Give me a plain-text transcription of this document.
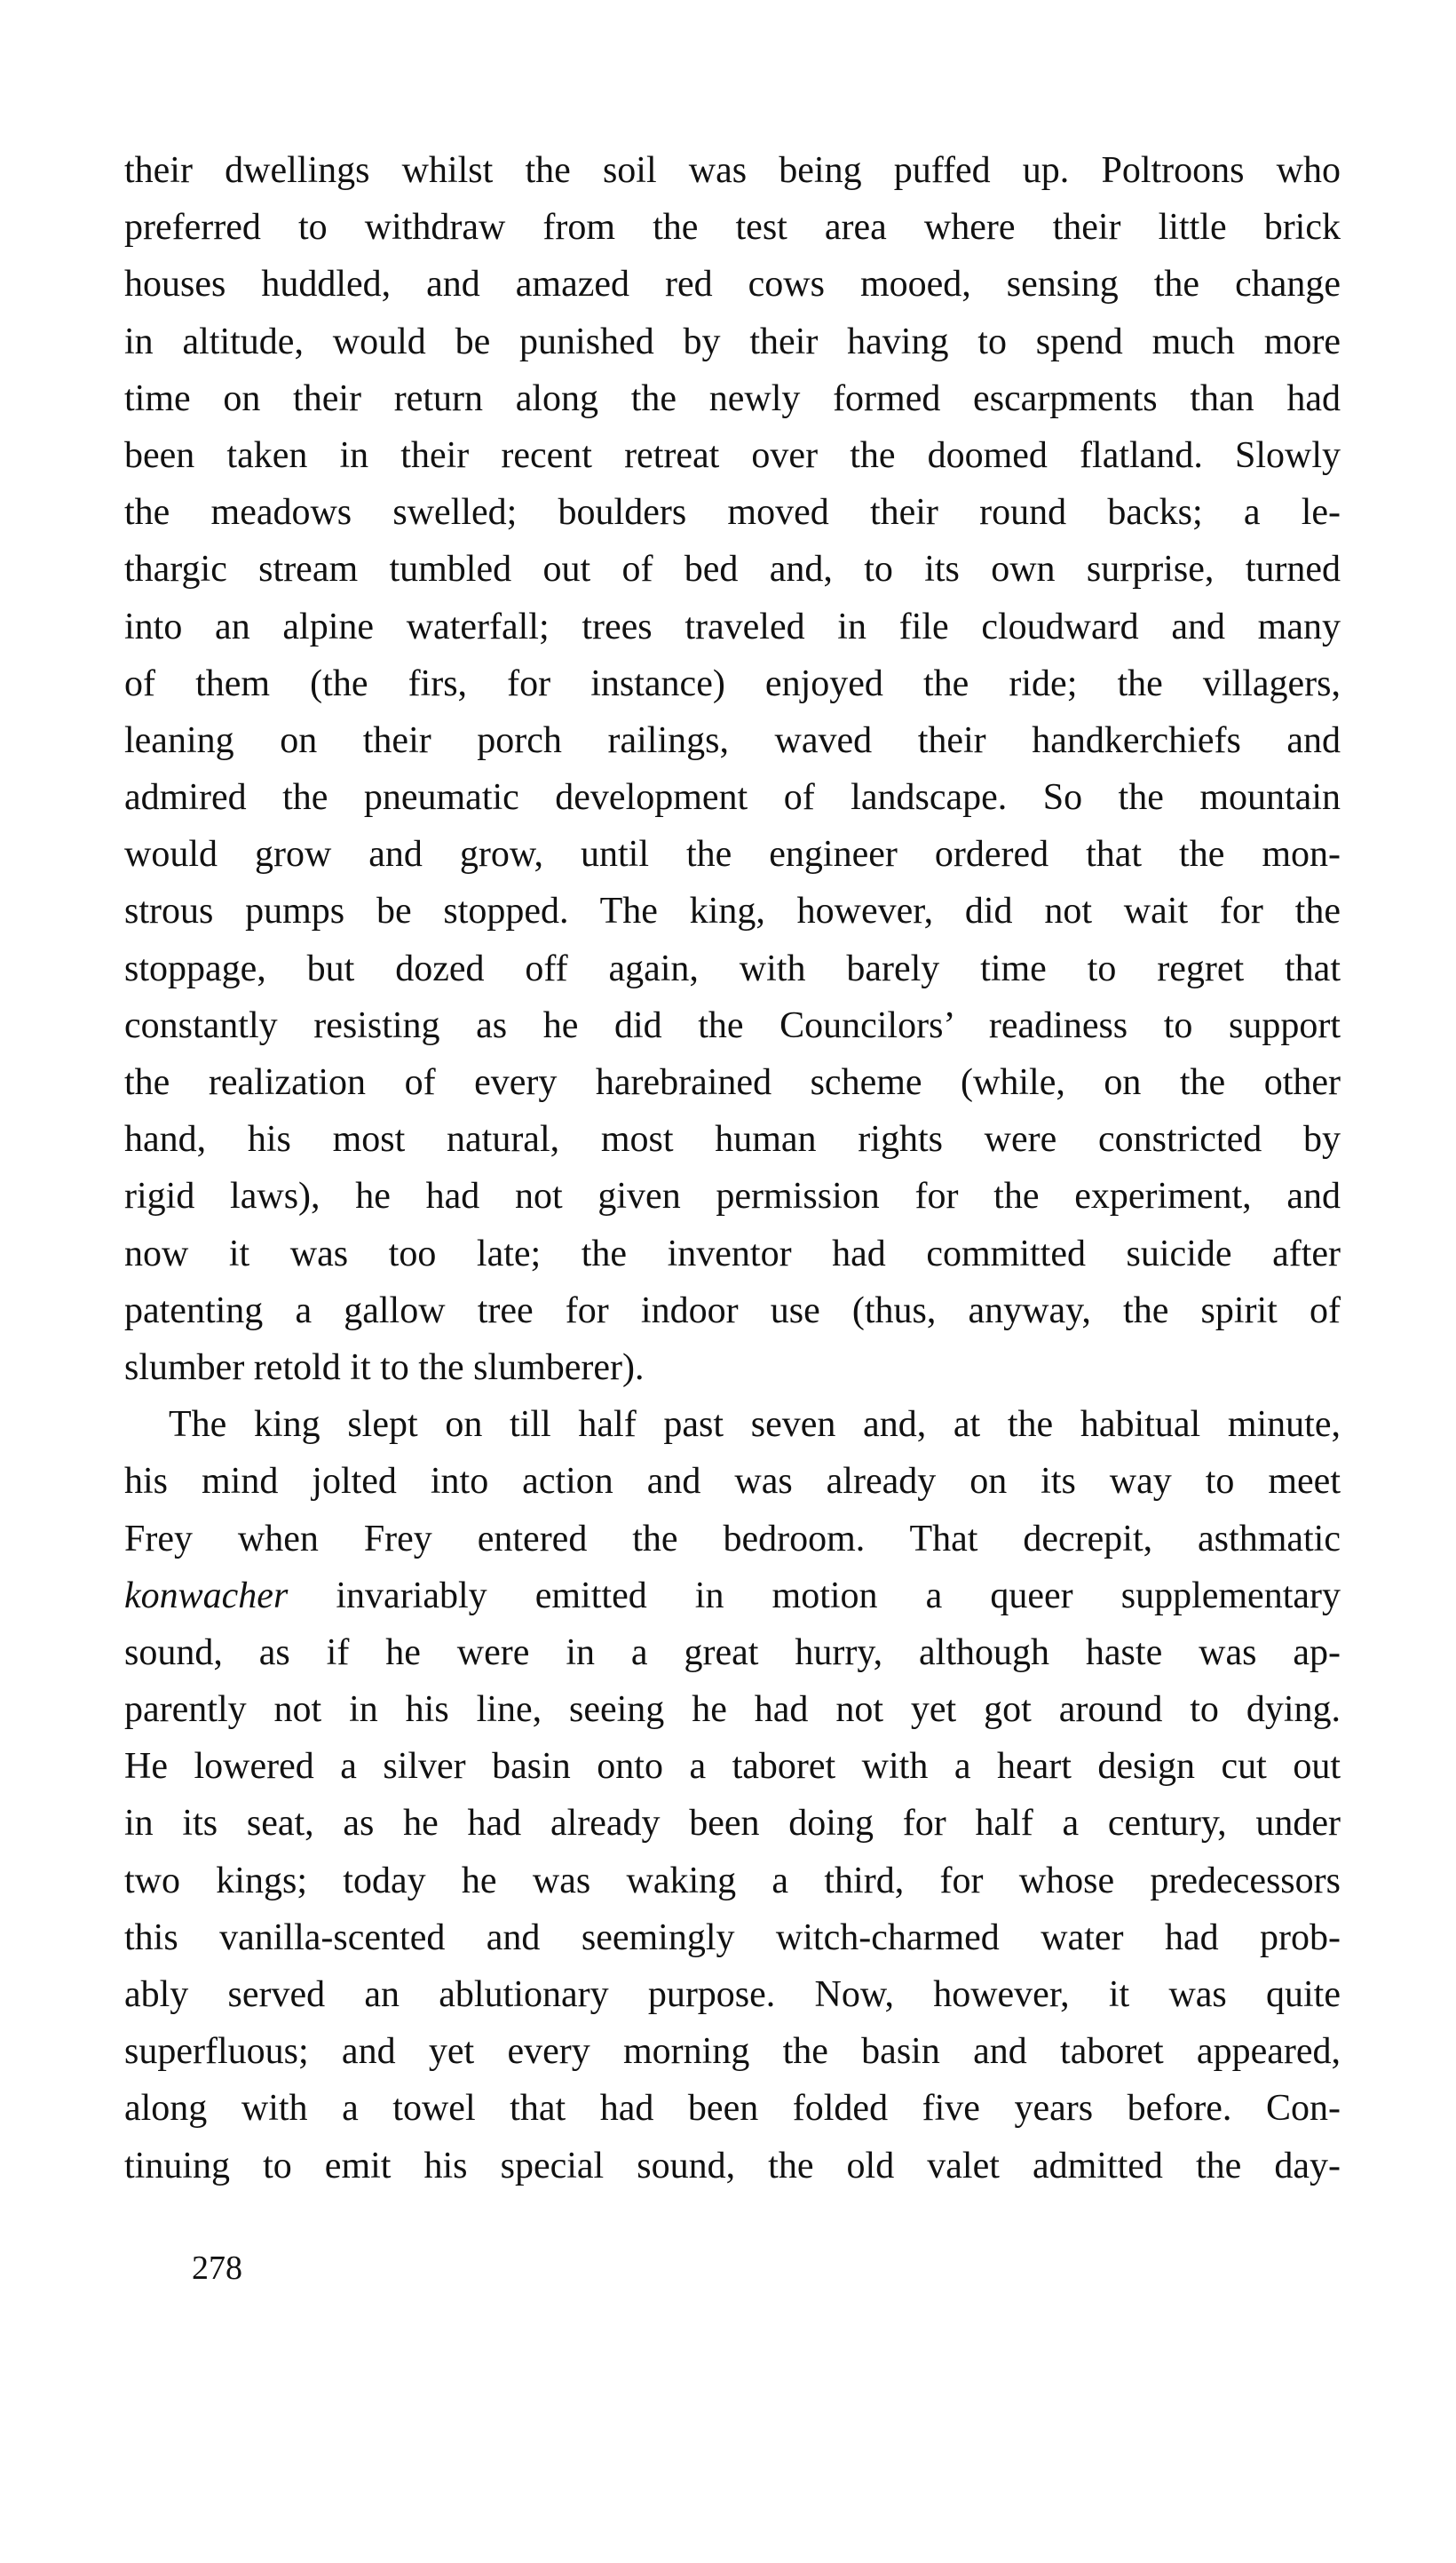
their dwellings whilst the soil was being puffed up. Poltroons who
preferred to withdraw from the test area where their little brick
houses huddled, and amazed red cows mooed, sensing the change
in altitude, would be punished by their having to spend much more
time on their return along the newly formed escarpments than had
been taken in their recent retreat over the doomed flatland. Slowly
the meadows swelled; boulders moved their round backs; a le-
thargic stream tumbled out of bed and, to its own surprise, turned
into an alpine waterfall; trees traveled in file cloudward and many
of them (the firs, for instance) enjoyed the ride; the villagers,
leaning on their porch railings, waved their handkerchiefs and
admired the pneumatic development of landscape. So the mountain
would grow and grow, until the engineer ordered that the mon-
strous pumps be stopped. The king, however, did not wait for the
stoppage, but dozed off again, with barely time to regret that
constantly resisting as he did the Councilors’ readiness to support
the realization of every harebrained scheme (while, on the other
hand, his most natural, most human rights were constricted by
rigid laws), he had not given permission for the experiment, and
now it was too late; the inventor had committed suicide after
patenting a gallow tree for indoor use (thus, anyway, the spirit of
slumber retold it to the slumberer).
The king slept on till half past seven and, at the habitual minute,
his mind jolted into action and was already on its way to meet
Frey when Frey entered the bedroom. That decrepit, asthmatic
konwacher invariably emitted in motion a queer supplementary
sound, as if he were in a great hurry, although haste was ap-
parently not in his line, seeing he had not yet got around to dying.
He lowered a silver basin onto a taboret with a heart design cut out
in its seat, as he had already been doing for half a century, under
two kings; today he was waking a third, for whose predecessors
this vanilla-scented and seemingly witch-charmed water had prob-
ably served an ablutionary purpose. Now, however, it was quite
superfluous; and yet every morning the basin and taboret appeared,
along with a towel that had been folded five years before. Con-
tinuing to emit his special sound, the old valet admitted the day-
278
